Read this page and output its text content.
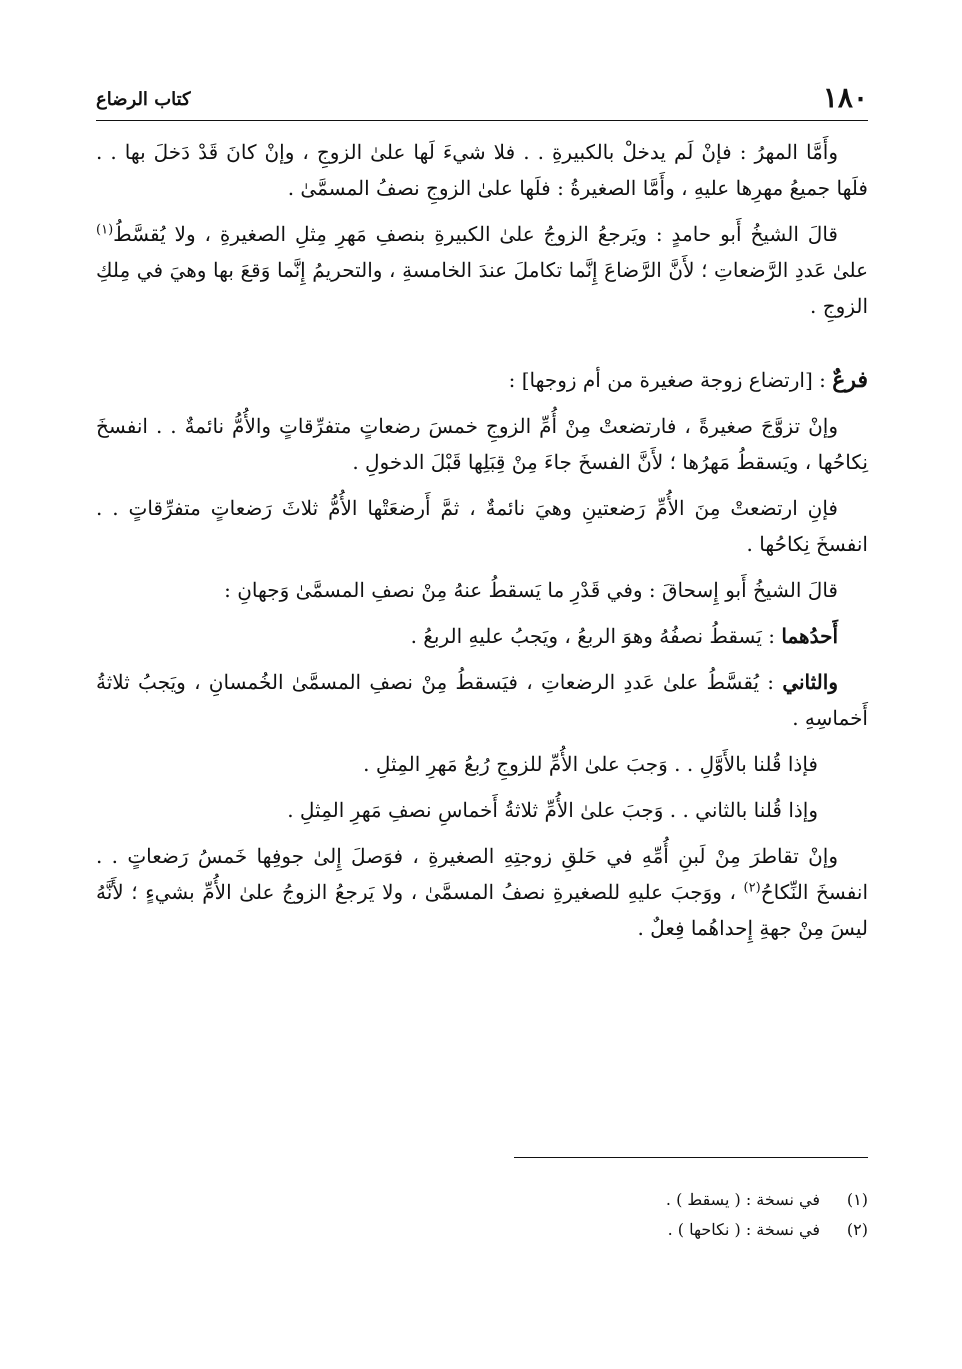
١٨٠
كتاب الرضاع

وأَمَّا المهرُ : فإنْ لَم يدخلْ بالكبيرةِ . . فلا شيءَ لَها علىٰ الزوجِ ، وإنْ كانَ قَدْ دَخلَ بها . . فلَها جميعُ مهرِها عليهِ ، وأَمَّا الصغيرةُ : فلَها علىٰ الزوجِ نصفُ المسمَّىٰ .

قالَ الشيخُ أَبو حامدٍ : ويَرجعُ الزوجُ علىٰ الكبيرةِ بنصفِ مَهرِ مِثلِ الصغيرةِ ، ولا يُقسَّطُ$^{(١)}$ علىٰ عَددِ الرَّضعاتِ ؛ لأَنَّ الرَّضاعَ إِنَّما تكاملَ عندَ الخامسةِ ، والتحريمُ إِنَّما وَقعَ بها وهيَ في مِلكِ الزوجِ .

فرعٌ : [ارتضاع زوجة صغيرة من أم زوجها] :

وإنْ تزوَّجَ صغيرةً ، فارتضعتْ مِنْ أُمِّ الزوجِ خمسَ رضعاتٍ متفرِّقاتٍ والأُمُّ نائمةٌ . . انفسخَ نِكاحُها ، ويَسقطُ مَهرُها ؛ لأَنَّ الفسخَ جاءَ مِنْ قِبَلِها قَبْلَ الدخولِ .

فإنِ ارتضعتْ مِنَ الأُمِّ رَضعتينِ وهيَ نائمةٌ ، ثمَّ أَرضعَتْها الأُمُّ ثلاثَ رَضعاتٍ متفرِّقاتٍ . . انفسخَ نِكاحُها .

قالَ الشيخُ أَبو إِسحاقَ : وفي قَدْرِ ما يَسقطُ عنهُ مِنْ نصفِ المسمَّىٰ وَجهانِ :

أَحدُهما : يَسقطُ نصفُهُ وهوَ الربعُ ، ويَجبُ عليهِ الربعُ .

والثاني : يُقسَّطُ علىٰ عَددِ الرضعاتِ ، فيَسقطُ مِنْ نصفِ المسمَّىٰ الخُمسانِ ، ويَجبُ ثلاثةُ أَخماسِهِ .

فإذا قُلنا بالأَوَّلِ . . وَجبَ علىٰ الأُمِّ للزوجِ رُبعُ مَهرِ المِثلِ .

وإذا قُلنا بالثاني . . وَجبَ علىٰ الأُمِّ ثلاثةُ أَخماسِ نصفِ مَهرِ المِثلِ .

وإنْ تقاطرَ مِنْ لَبنِ أُمِّهِ في حَلقِ زوجتِهِ الصغيرةِ ، فوَصلَ إِلىٰ جوفِها خَمسُ رَضعاتٍ . . انفسخَ النِّكاحُ$^{(٢)}$ ، ووَجبَ عليهِ للصغيرةِ نصفُ المسمَّىٰ ، ولا يَرجعُ الزوجُ علىٰ الأُمِّ بشيءٍ ؛ لأَنَّهُ ليسَ مِنْ جهةِ إِحداهُما فِعلٌ .

(١)في نسخة : ( يسقط ) .

(٢)في نسخة : ( نكاحها ) .
